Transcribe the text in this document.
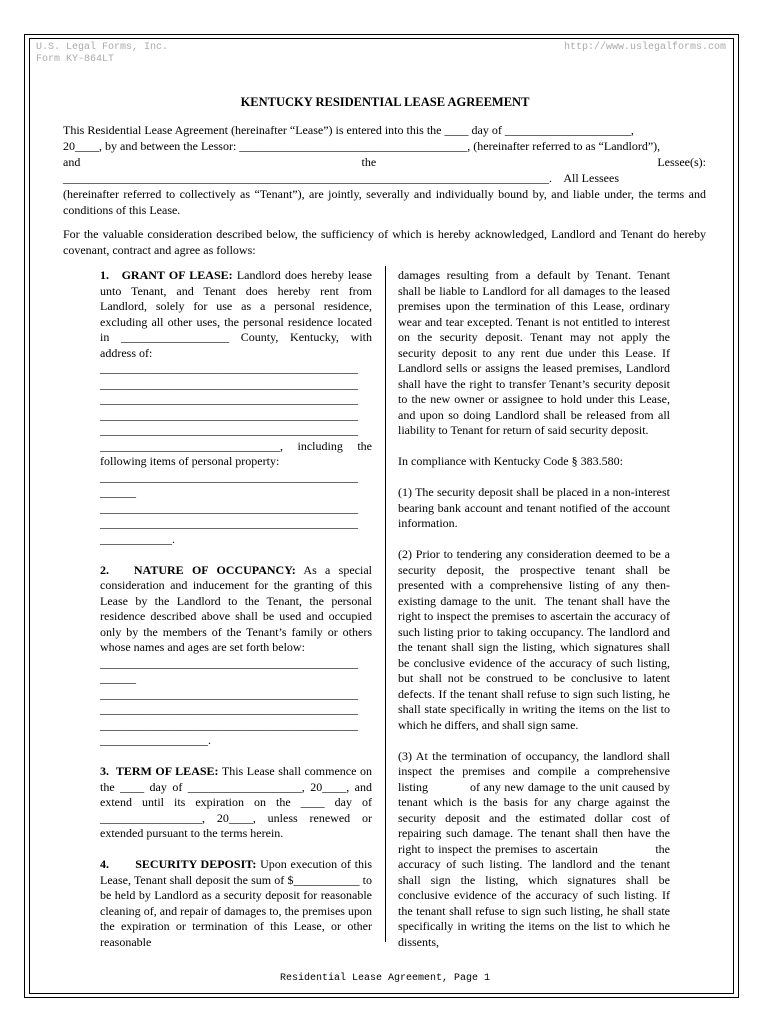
U.S. Legal Forms, Inc.
Form KY-864LT
http://www.uslegalforms.com
KENTUCKY RESIDENTIAL LEASE AGREEMENT
This Residential Lease Agreement (hereinafter “Lease”) is entered into this the ____ day of _____________________,
20____, by and between the Lessor: ______________________________________, (hereinafter referred to as “Landlord”),
and	the	Lessee(s):
_________________________________________________________________________________.    All Lessees
(hereinafter referred to collectively as “Tenant”), are jointly, severally and individually bound by, and liable under, the terms and conditions of this Lease.
For the valuable consideration described below, the sufficiency of which is hereby acknowledged, Landlord and Tenant do hereby covenant, contract and agree as follows:

1.   GRANT OF LEASE: Landlord does hereby lease unto Tenant, and Tenant does hereby rent from Landlord, solely for use as a personal residence, excluding all other uses, the personal residence located in __________________ County, Kentucky, with address of:

___________________________________________
___________________________________________
___________________________________________
___________________________________________
___________________________________________

______________________________, including the following items of personal property:

___________________________________________
______
___________________________________________
___________________________________________
____________.

2.   NATURE OF OCCUPANCY: As a special consideration and inducement for the granting of this Lease by the Landlord to the Tenant, the personal residence described above shall be used and occupied only by the members of the Tenant’s family or others whose names and ages are set forth below:

___________________________________________
______
___________________________________________
___________________________________________
___________________________________________
__________________.

3.  TERM OF LEASE: This Lease shall commence on the ____ day of ___________________, 20____, and extend until its expiration on the ____ day of _________________, 20____, unless renewed or extended pursuant to the terms herein.

4.       SECURITY DEPOSIT: Upon execution of this Lease, Tenant shall deposit the sum of $___________ to be held by Landlord as a security deposit for reasonable cleaning of, and repair of damages to, the premises upon the expiration or termination of this Lease, or other reasonable

damages resulting from a default by Tenant. Tenant shall be liable to Landlord for all damages to the leased premises upon the termination of this Lease, ordinary wear and tear excepted. Tenant is not entitled to interest on the security deposit. Tenant may not apply the security deposit to any rent due under this Lease. If Landlord sells or assigns the leased premises, Landlord shall have the right to transfer Tenant’s security deposit to the new owner or assignee to hold under this Lease, and upon so doing Landlord shall be released from all liability to Tenant for return of said security deposit.

In compliance with Kentucky Code § 383.580:

(1) The security deposit shall be placed in a non-interest bearing bank account and tenant notified of the account information.

(2) Prior to tendering any consideration deemed to be a           security deposit, the prospective tenant shall be               presented with a comprehensive listing of any then-existing damage to the unit.  The tenant shall have the right to inspect the premises to ascertain the accuracy of such listing prior to taking occupancy. The landlord and the tenant shall sign the listing, which signatures shall be conclusive evidence of the accuracy of such listing, but shall not be construed to be conclusive to latent defects. If the tenant shall refuse to sign such listing, he shall state specifically in writing the items on the list to which he differs, and shall sign same.

(3) At the termination of occupancy, the landlord shall              inspect the premises and compile a comprehensive listing            of any new damage to the unit caused by tenant which is the basis for any charge against the security deposit and the estimated dollar cost of repairing such damage. The tenant shall then have the right to inspect the premises to ascertain              the accuracy of such listing. The landlord and the tenant             shall sign the listing, which signatures shall be conclusive evidence of the accuracy of such listing. If the tenant shall refuse to sign such listing, he shall state specifically in writing the items on the list to which he dissents,

Residential Lease Agreement, Page 1
